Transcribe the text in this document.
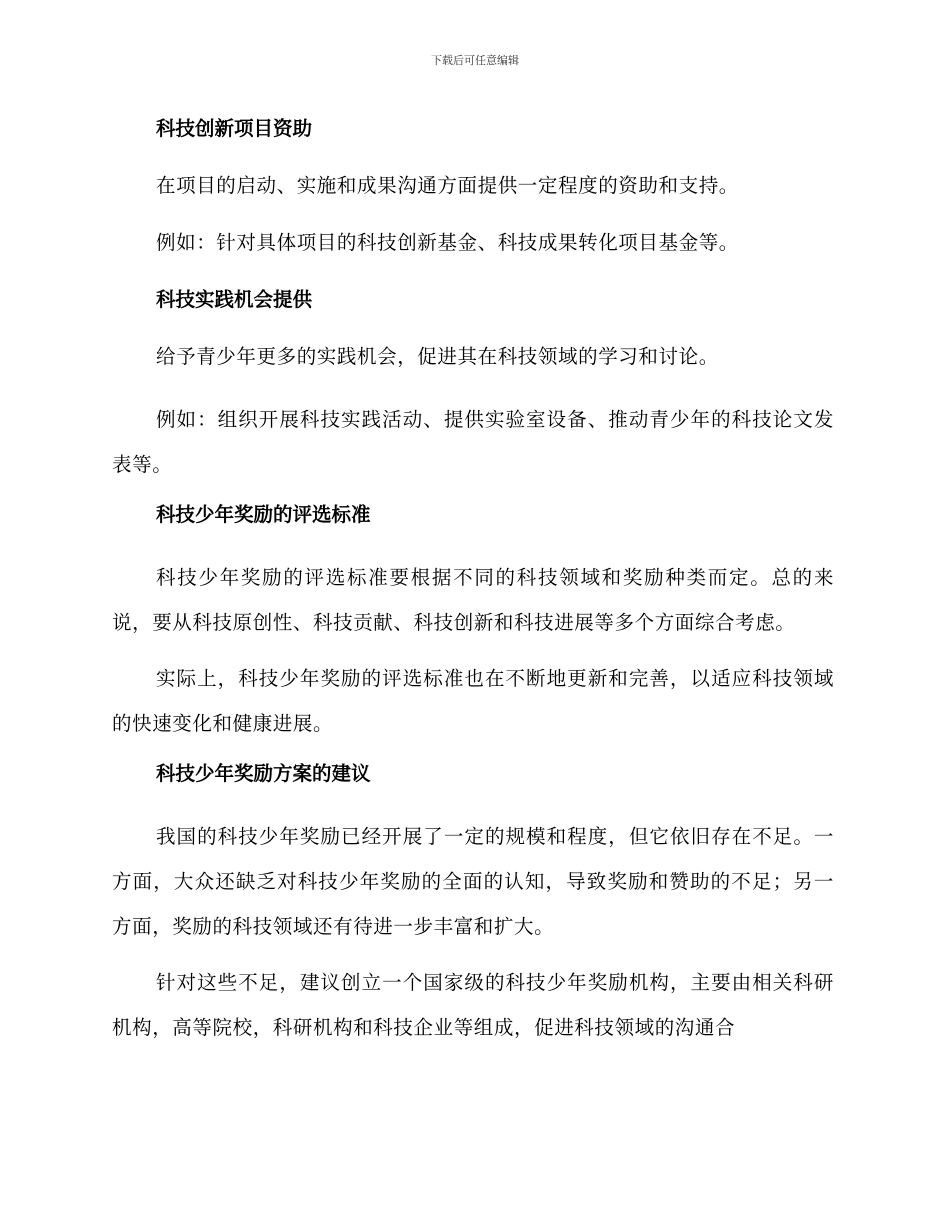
下载后可任意编辑
科技创新项目资助

在项目的启动、实施和成果沟通方面提供一定程度的资助和支持。

例如：针对具体项目的科技创新基金、科技成果转化项目基金等。

科技实践机会提供

给予青少年更多的实践机会，促进其在科技领域的学习和讨论。

例如：组织开展科技实践活动、提供实验室设备、推动青少年的科技论文发表等。

科技少年奖励的评选标准

科技少年奖励的评选标准要根据不同的科技领域和奖励种类而定。总的来说，要从科技原创性、科技贡献、科技创新和科技进展等多个方面综合考虑。

实际上，科技少年奖励的评选标准也在不断地更新和完善，以适应科技领域的快速变化和健康进展。

科技少年奖励方案的建议

我国的科技少年奖励已经开展了一定的规模和程度，但它依旧存在不足。一方面，大众还缺乏对科技少年奖励的全面的认知，导致奖励和赞助的不足；另一方面，奖励的科技领域还有待进一步丰富和扩大。

针对这些不足，建议创立一个国家级的科技少年奖励机构，主要由相关科研机构，高等院校，科研机构和科技企业等组成，促进科技领域的沟通合
